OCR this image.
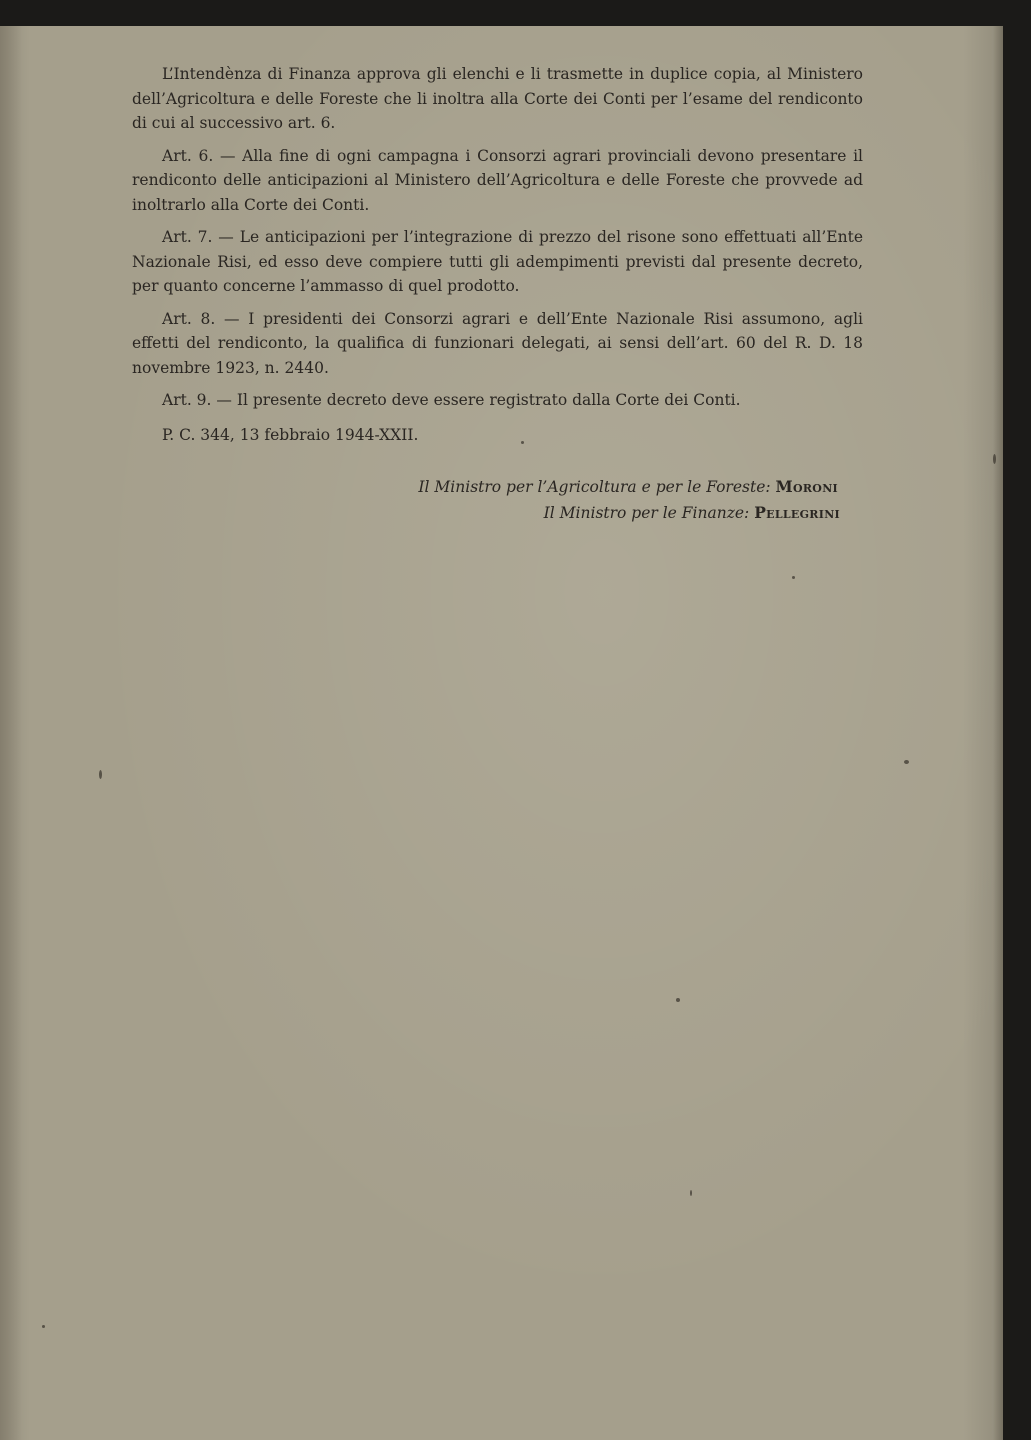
L’Intendènza di Finanza approva gli elenchi e li trasmette in duplice copia, al Ministero dell’Agricoltura e delle Foreste che li inoltra alla Corte dei Conti per l’esame del rendiconto di cui al successivo art. 6.

Art. 6. — Alla fine di ogni campagna i Consorzi agrari provinciali devono presentare il rendiconto delle anticipazioni al Ministero dell’Agricoltura e delle Foreste che provvede ad inoltrarlo alla Corte dei Conti.

Art. 7. — Le anticipazioni per l’integrazione di prezzo del risone sono effettuati all’Ente Nazionale Risi, ed esso deve compiere tutti gli adempimenti previsti dal presente decreto, per quanto concerne l’ammasso di quel prodotto.

Art. 8. — I presidenti dei Consorzi agrari e dell’Ente Nazionale Risi assumono, agli effetti del rendiconto, la qualifica di funzionari delegati, ai sensi dell’art. 60 del R. D. 18 novembre 1923, n. 2440.

Art. 9. — Il presente decreto deve essere registrato dalla Corte dei Conti.

P. C. 344, 13 febbraio 1944-XXII.

Il Ministro per l’Agricoltura e per le Foreste: Moroni
Il Ministro per le Finanze: Pellegrini
